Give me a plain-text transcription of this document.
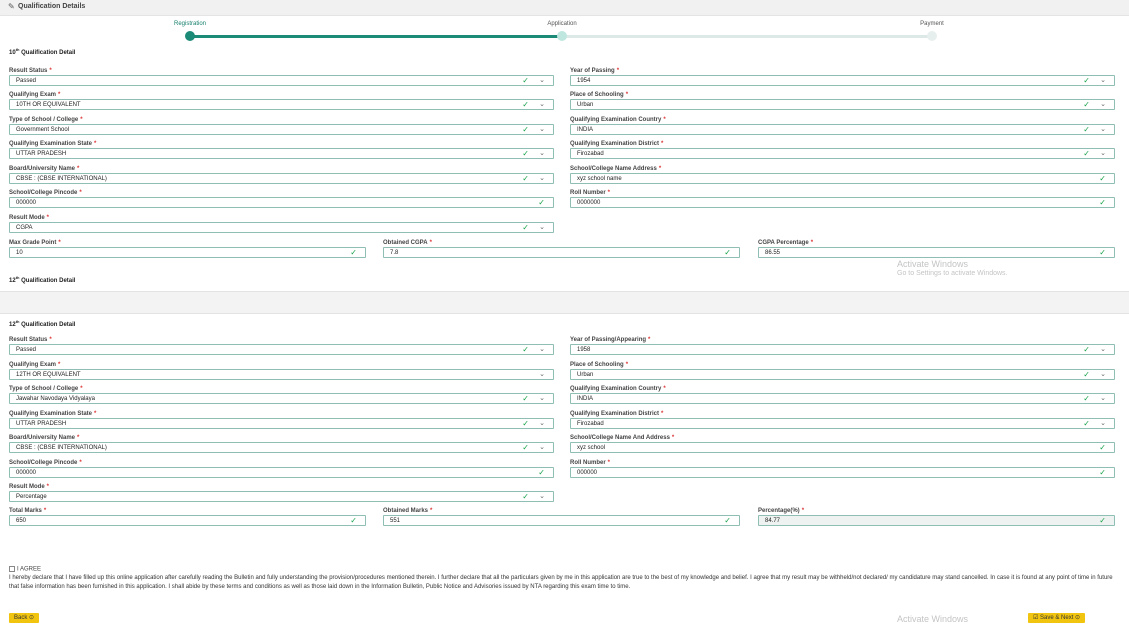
✎ Qualification Details
Registration	Application	Payment
10th Qualification Detail
Result Status *
Passed	✓ ⌄
Year of Passing *
1954	✓ ⌄
Qualifying Exam *
10TH OR EQUIVALENT	✓ ⌄
Place of Schooling *
Urban	✓ ⌄
Type of School / College *
Government School	✓ ⌄
Qualifying Examination Country *
INDIA	✓ ⌄
Qualifying Examination State *
UTTAR PRADESH	✓ ⌄
Qualifying Examination District *
Firozabad	✓ ⌄
Board/University Name *
CBSE : (CBSE INTERNATIONAL)	✓ ⌄
School/College Name Address *
xyz school name	✓
School/College Pincode *
000000	✓
Roll Number *
0000000	✓
Result Mode *
CGPA	✓ ⌄
Max Grade Point *
10	✓
Obtained CGPA *
7.8	✓
CGPA Percentage *
86.55	✓
12th Qualification Detail
Activate Windows
Go to Settings to activate Windows.
12th Qualification Detail
Result Status *
Passed	✓ ⌄
Year of Passing/Appearing *
1958	✓ ⌄
Qualifying Exam *
12TH OR EQUIVALENT	⌄
Place of Schooling *
Urban	✓ ⌄
Type of School / College *
Jawahar Navodaya Vidyalaya	✓ ⌄
Qualifying Examination Country *
INDIA	✓ ⌄
Qualifying Examination State *
UTTAR PRADESH	✓ ⌄
Qualifying Examination District *
Firozabad	✓ ⌄
Board/University Name *
CBSE : (CBSE INTERNATIONAL)	✓ ⌄
School/College Name And Address *
xyz school	✓
School/College Pincode *
000000	✓
Roll Number *
000000	✓
Result Mode *
Percentage	✓ ⌄
Total Marks *
650	✓
Obtained Marks *
551	✓
Percentage(%) *
84.77	✓
I AGREE
I hereby declare that I have filled up this online application after carefully reading the Bulletin and fully understanding the provision/procedures mentioned therein. I further declare that all the particulars given by me in this application are true to the best of my knowledge and belief. I agree that my result may be withheld/not declared/ my candidature may stand cancelled. In case it is found at any point of time in future that false information has been furnished in this application. I shall abide by these terms and conditions as well as those laid down in the Information Bulletin, Public Notice and Advisories issued by NTA regarding this exam time to time.
Back ⊙	☑ Save & Next ⊙
Activate Windows
